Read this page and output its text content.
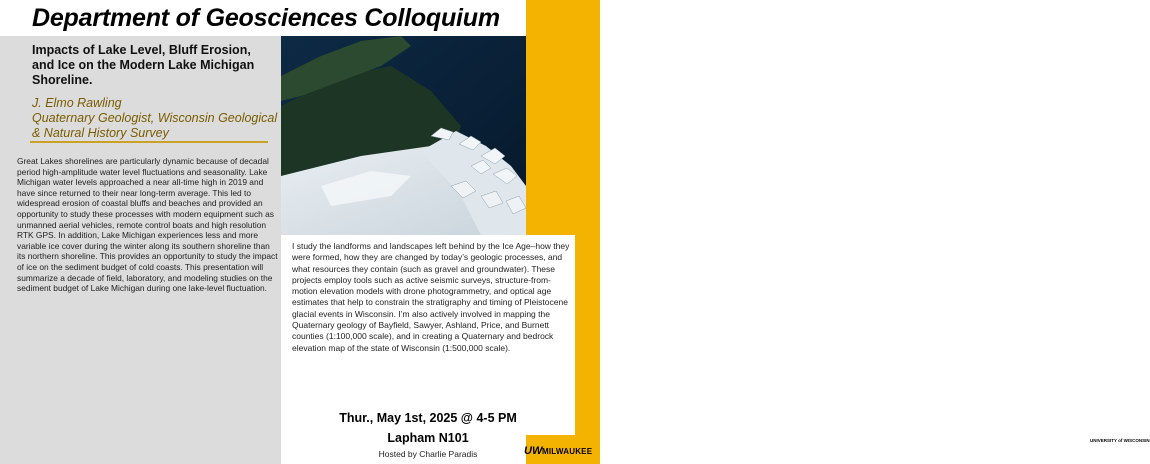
Department of Geosciences Colloquium
Impacts of Lake Level, Bluff Erosion, and Ice on the Modern Lake Michigan Shoreline.
J. Elmo Rawling
Quaternary Geologist, Wisconsin Geological & Natural History Survey
Great Lakes shorelines are particularly dynamic because of decadal period high-amplitude water level fluctuations and seasonality. Lake Michigan water levels approached a near all-time high in 2019 and have since returned to their near long-term average. This led to widespread erosion of coastal bluffs and beaches and provided an opportunity to study these processes with modern equipment such as unmanned aerial vehicles, remote control boats and high resolution RTK GPS. In addition, Lake Michigan experiences less and more variable ice cover during the winter along its southern shoreline than its northern shoreline. This provides an opportunity to study the impact of ice on the sediment budget of cold coasts. This presentation will summarize a decade of field, laboratory, and modeling studies on the sediment budget of Lake Michigan during one lake-level fluctuation.
I study the landforms and landscapes left behind by the Ice Age–how they were formed, how they are changed by today’s geologic processes, and what resources they contain (such as gravel and groundwater). These projects employ tools such as active seismic surveys, structure-from-motion elevation models with drone photogrammetry, and optical age estimates that help to constrain the stratigraphy and timing of Pleistocene glacial events in Wisconsin. I’m also actively involved in mapping the Quaternary geology of Bayfield, Sawyer, Ashland, Price, and Burnett counties (1:100,000 scale), and in creating a Quaternary and bedrock elevation map of the state of Wisconsin (1:500,000 scale).
Thur., May 1st, 2025 @ 4-5 PM
Lapham N101
Hosted by Charlie Paradis
UNIVERSITY of WISCONSIN
UW MILWAUKEE
